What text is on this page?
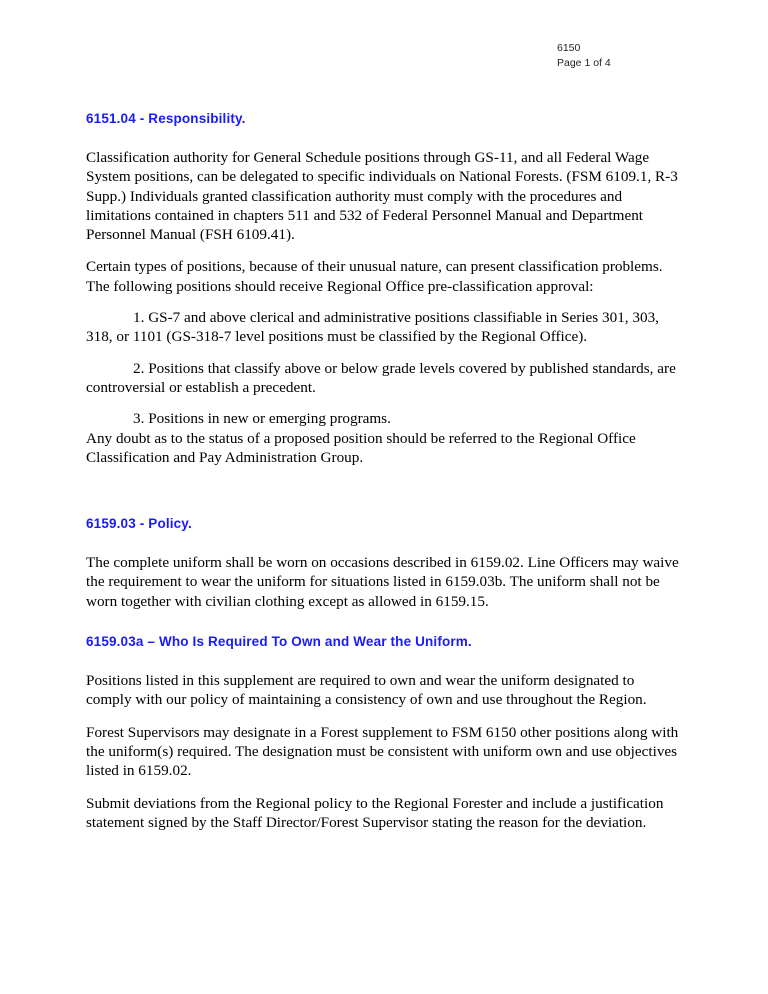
6150
Page 1 of 4
6151.04 - Responsibility.

Classification authority for General Schedule positions through GS-11, and all Federal Wage System positions, can be delegated to specific individuals on National Forests. (FSM 6109.1, R-3 Supp.) Individuals granted classification authority must comply with the procedures and limitations contained in chapters 511 and 532 of Federal Personnel Manual and Department Personnel Manual (FSH 6109.41).

Certain types of positions, because of their unusual nature, can present classification problems. The following positions should receive Regional Office pre-classification approval:

1. GS-7 and above clerical and administrative positions classifiable in Series 301, 303, 318, or 1101 (GS-318-7 level positions must be classified by the Regional Office).

2. Positions that classify above or below grade levels covered by published standards, are controversial or establish a precedent.

3. Positions in new or emerging programs.

Any doubt as to the status of a proposed position should be referred to the Regional Office Classification and Pay Administration Group.

6159.03 - Policy.

The complete uniform shall be worn on occasions described in 6159.02. Line Officers may waive the requirement to wear the uniform for situations listed in 6159.03b. The uniform shall not be worn together with civilian clothing except as allowed in 6159.15.

6159.03a – Who Is Required To Own and Wear the Uniform.

Positions listed in this supplement are required to own and wear the uniform designated to comply with our policy of maintaining a consistency of own and use throughout the Region.

Forest Supervisors may designate in a Forest supplement to FSM 6150 other positions along with the uniform(s) required. The designation must be consistent with uniform own and use objectives listed in 6159.02.

Submit deviations from the Regional policy to the Regional Forester and include a justification statement signed by the Staff Director/Forest Supervisor stating the reason for the deviation.
